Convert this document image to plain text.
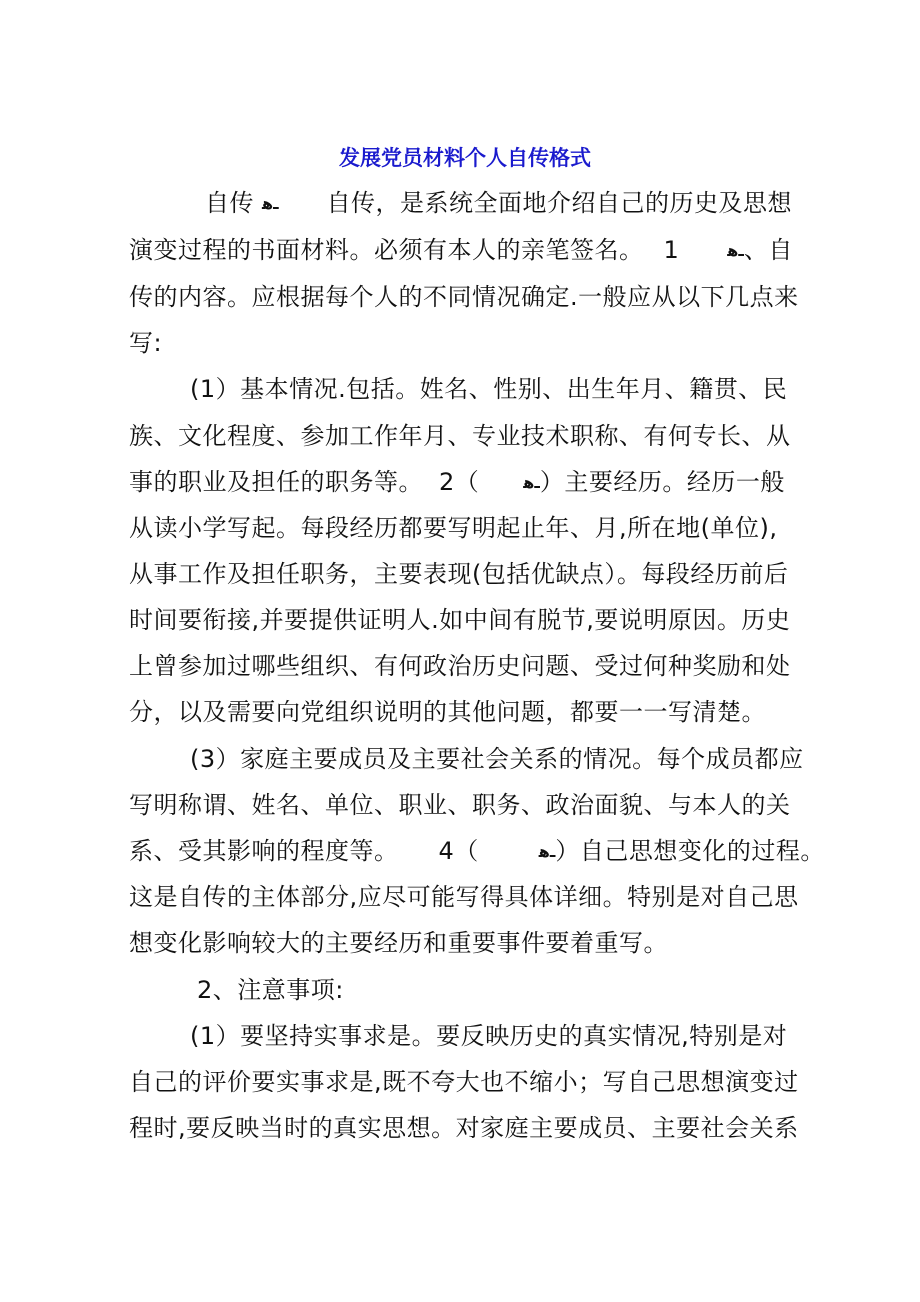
发展党员材料个人自传格式
自传 ـﻫ 自传，是系统全面地介绍自己的历史及思想
演变过程的书面材料。必须有本人的亲笔签名。 1	ـﻫ、自
传的内容。应根据每个人的不同情况确定.一般应从以下几点来
写:
(1）基本情况.包括。姓名、性别、出生年月、籍贯、民
族、文化程度、参加工作年月、专业技术职称、有何专长、从
事的职业及担任的职务等。 2（	ـﻫ）主要经历。经历一般
从读小学写起。每段经历都要写明起止年、月,所在地(单位),
从事工作及担任职务，主要表现(包括优缺点）。每段经历前后
时间要衔接,并要提供证明人.如中间有脱节,要说明原因。历史
上曾参加过哪些组织、有何政治历史问题、受过何种奖励和处
分，以及需要向党组织说明的其他问题，都要一一写清楚。
(3）家庭主要成员及主要社会关系的情况。每个成员都应
写明称谓、姓名、单位、职业、职务、政治面貌、与本人的关
系、受其影响的程度等。 4（	ـﻫ）自己思想变化的过程。
这是自传的主体部分,应尽可能写得具体详细。特别是对自己思
想变化影响较大的主要经历和重要事件要着重写。
2、注意事项:
(1）要坚持实事求是。要反映历史的真实情况,特别是对
自己的评价要实事求是,既不夸大也不缩小；写自己思想演变过
程时,要反映当时的真实思想。对家庭主要成员、主要社会关系
